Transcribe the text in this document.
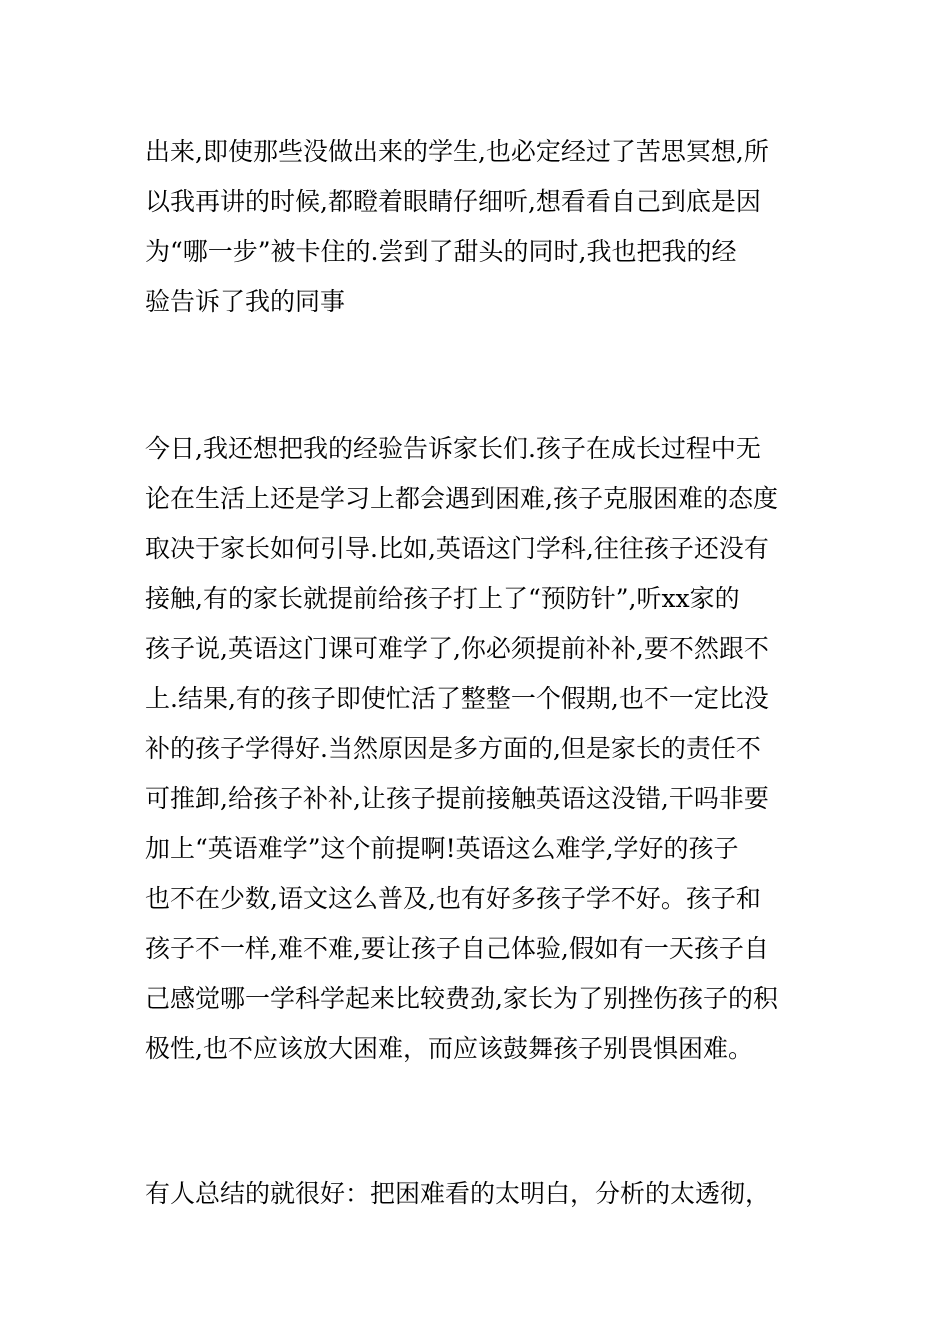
出来,即使那些没做出来的学生,也必定经过了苦思冥想,所
以我再讲的时候,都瞪着眼睛仔细听,想看看自己到底是因
为“哪一步”被卡住的.尝到了甜头的同时,我也把我的经
验告诉了我的同事
今日,我还想把我的经验告诉家长们.孩子在成长过程中无
论在生活上还是学习上都会遇到困难,孩子克服困难的态度
取决于家长如何引导.比如,英语这门学科,往往孩子还没有
接触,有的家长就提前给孩子打上了“预防针”,听xx家的
孩子说,英语这门课可难学了,你必须提前补补,要不然跟不
上.结果,有的孩子即使忙活了整整一个假期,也不一定比没
补的孩子学得好.当然原因是多方面的,但是家长的责任不
可推卸,给孩子补补,让孩子提前接触英语这没错,干吗非要
加上“英语难学”这个前提啊!英语这么难学,学好的孩子
也不在少数,语文这么普及,也有好多孩子学不好。孩子和
孩子不一样,难不难,要让孩子自己体验,假如有一天孩子自
己感觉哪一学科学起来比较费劲,家长为了别挫伤孩子的积
极性,也不应该放大困难，而应该鼓舞孩子别畏惧困难。
有人总结的就很好：把困难看的太明白，分析的太透彻，
